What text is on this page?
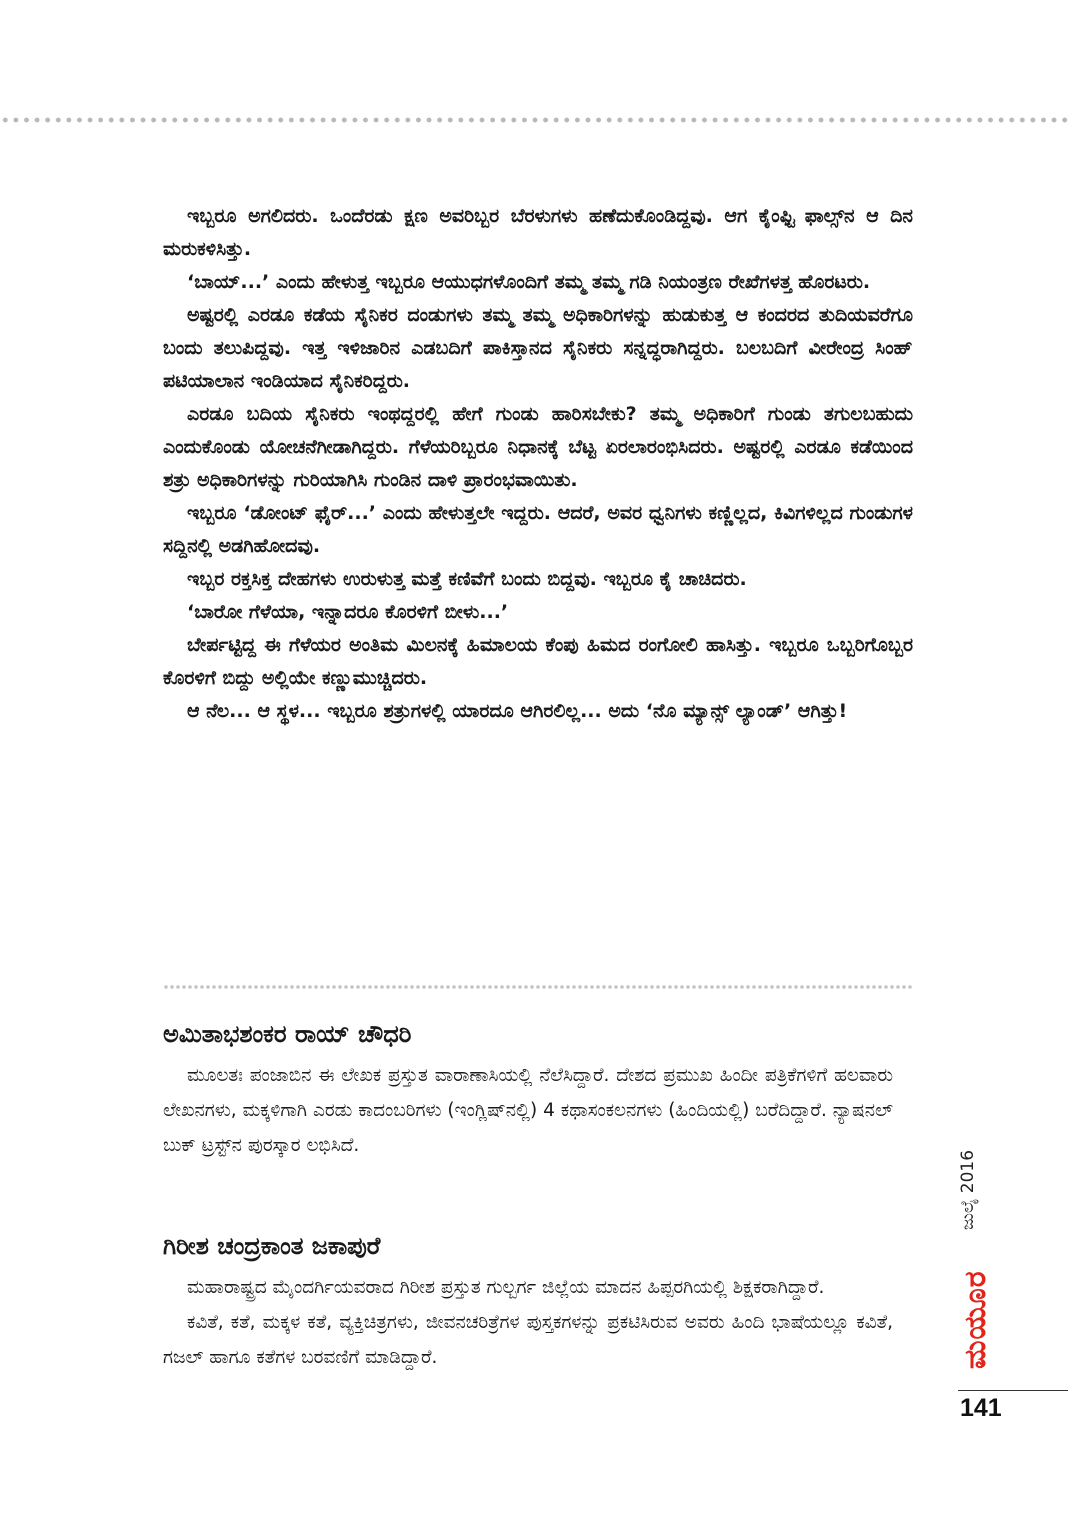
ಇಬ್ಬರೂ ಅಗಲಿದರು. ಒಂದೆರಡು ಕ್ಷಣ ಅವರಿಬ್ಬರ ಬೆರಳುಗಳು ಹಣೆದುಕೊಂಡಿದ್ದವು. ಆಗ ಕೈಂಫ್ಟಿ ಫಾಲ್ಸ್‌ನ ಆ ದಿನ ಮರುಕಳಿಸಿತ್ತು.

‘ಬಾಯ್...’ ಎಂದು ಹೇಳುತ್ತ ಇಬ್ಬರೂ ಆಯುಧಗಳೊಂದಿಗೆ ತಮ್ಮ ತಮ್ಮ ಗಡಿ ನಿಯಂತ್ರಣ ರೇಖೆಗಳತ್ತ ಹೊರಟರು.

ಅಷ್ಟರಲ್ಲಿ ಎರಡೂ ಕಡೆಯ ಸೈನಿಕರ ದಂಡುಗಳು ತಮ್ಮ ತಮ್ಮ ಅಧಿಕಾರಿಗಳನ್ನು ಹುಡುಕುತ್ತ ಆ ಕಂದರದ ತುದಿಯವರೆಗೂ ಬಂದು ತಲುಪಿದ್ದವು. ಇತ್ತ ಇಳಿಜಾರಿನ ಎಡಬದಿಗೆ ಪಾಕಿಸ್ತಾನದ ಸೈನಿಕರು ಸನ್ನದ್ಧರಾಗಿದ್ದರು. ಬಲಬದಿಗೆ ವೀರೇಂದ್ರ ಸಿಂಹ್ ಪಟಿಯಾಲಾನ ಇಂಡಿಯಾದ ಸೈನಿಕರಿದ್ದರು.

ಎರಡೂ ಬದಿಯ ಸೈನಿಕರು ಇಂಥದ್ದರಲ್ಲಿ ಹೇಗೆ ಗುಂಡು ಹಾರಿಸಬೇಕು? ತಮ್ಮ ಅಧಿಕಾರಿಗೆ ಗುಂಡು ತಗುಲಬಹುದು ಎಂದುಕೊಂಡು ಯೋಚನೆಗೀಡಾಗಿದ್ದರು. ಗೆಳೆಯರಿಬ್ಬರೂ ನಿಧಾನಕ್ಕೆ ಬೆಟ್ಟ ಏರಲಾರಂಭಿಸಿದರು. ಅಷ್ಟರಲ್ಲಿ ಎರಡೂ ಕಡೆಯಿಂದ ಶತ್ರು ಅಧಿಕಾರಿಗಳನ್ನು ಗುರಿಯಾಗಿಸಿ ಗುಂಡಿನ ದಾಳಿ ಪ್ರಾರಂಭವಾಯಿತು.

ಇಬ್ಬರೂ ‘ಡೋಂಟ್ ಫೈರ್...’ ಎಂದು ಹೇಳುತ್ತಲೇ ಇದ್ದರು. ಆದರೆ, ಅವರ ಧ್ವನಿಗಳು ಕಣ್ಣಿಲ್ಲದ, ಕಿವಿಗಳಿಲ್ಲದ ಗುಂಡುಗಳ ಸದ್ದಿನಲ್ಲಿ ಅಡಗಿಹೋದವು.

ಇಬ್ಬರ ರಕ್ತಸಿಕ್ತ ದೇಹಗಳು ಉರುಳುತ್ತ ಮತ್ತೆ ಕಣಿವೆಗೆ ಬಂದು ಬಿದ್ದವು. ಇಬ್ಬರೂ ಕೈ ಚಾಚಿದರು.

‘ಬಾರೋ ಗೆಳೆಯಾ, ಇನ್ನಾದರೂ ಕೊರಳಿಗೆ ಬೀಳು...’

ಬೇರ್ಪಟ್ಟಿದ್ದ ಈ ಗೆಳೆಯರ ಅಂತಿಮ ಮಿಲನಕ್ಕೆ ಹಿಮಾಲಯ ಕೆಂಪು ಹಿಮದ ರಂಗೋಲಿ ಹಾಸಿತ್ತು. ಇಬ್ಬರೂ ಒಬ್ಬರಿಗೊಬ್ಬರ ಕೊರಳಿಗೆ ಬಿದ್ದು ಅಲ್ಲಿಯೇ ಕಣ್ಣುಮುಚ್ಚಿದರು.

ಆ ನೆಲ... ಆ ಸ್ಥಳ... ಇಬ್ಬರೂ ಶತ್ರುಗಳಲ್ಲಿ ಯಾರದೂ ಆಗಿರಲಿಲ್ಲ... ಅದು ‘ನೊ ಮ್ಯಾನ್ಸ್ ಲ್ಯಾಂಡ್’ ಆಗಿತ್ತು!

ಅಮಿತಾಭಶಂಕರ ರಾಯ್ ಚೌಧರಿ

ಮೂಲತಃ ಪಂಜಾಬಿನ ಈ ಲೇಖಕ ಪ್ರಸ್ತುತ ವಾರಾಣಾಸಿಯಲ್ಲಿ ನೆಲೆಸಿದ್ದಾರೆ. ದೇಶದ ಪ್ರಮುಖ ಹಿಂದೀ ಪತ್ರಿಕೆಗಳಿಗೆ ಹಲವಾರು ಲೇಖನಗಳು, ಮಕ್ಕಳಿಗಾಗಿ ಎರಡು ಕಾದಂಬರಿಗಳು (ಇಂಗ್ಲಿಷ್‌ನಲ್ಲಿ) 4 ಕಥಾಸಂಕಲನಗಳು (ಹಿಂದಿಯಲ್ಲಿ) ಬರೆದಿದ್ದಾರೆ. ನ್ಯಾಷನಲ್ ಬುಕ್ ಟ್ರಸ್ಟ್‌ನ ಪುರಸ್ಕಾರ ಲಭಿಸಿದೆ.

ಗಿರೀಶ ಚಂದ್ರಕಾಂತ ಜಕಾಪುರೆ

ಮಹಾರಾಷ್ಟ್ರದ ಮೈಂದರ್ಗಿಯವರಾದ ಗಿರೀಶ ಪ್ರಸ್ತುತ ಗುಲ್ಬರ್ಗ ಜಿಲ್ಲೆಯ ಮಾದನ ಹಿಪ್ಪರಗಿಯಲ್ಲಿ ಶಿಕ್ಷಕರಾಗಿದ್ದಾರೆ.

ಕವಿತೆ, ಕತೆ, ಮಕ್ಕಳ ಕತೆ, ವ್ಯಕ್ತಿಚಿತ್ರಗಳು, ಜೀವನಚರಿತ್ರೆಗಳ ಪುಸ್ತಕಗಳನ್ನು ಪ್ರಕಟಿಸಿರುವ ಅವರು ಹಿಂದಿ ಭಾಷೆಯಲ್ಲೂ ಕವಿತೆ, ಗಜಲ್ ಹಾಗೂ ಕತೆಗಳ ಬರವಣಿಗೆ ಮಾಡಿದ್ದಾರೆ.

ಜುಲೈ 2016
ಮಯೂರ
141
